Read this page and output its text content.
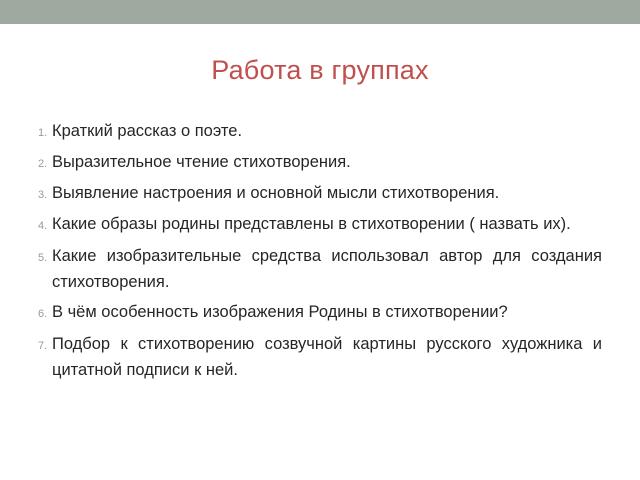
Работа в группах
1. Краткий рассказ о поэте.
2. Выразительное чтение стихотворения.
3. Выявление настроения и основной мысли стихотворения.
4. Какие образы родины представлены в стихотворении ( назвать их).
5. Какие изобразительные средства использовал автор для создания стихотворения.
6. В чём особенность изображения Родины в стихотворении?
7. Подбор к стихотворению созвучной картины русского художника и цитатной подписи к ней.
